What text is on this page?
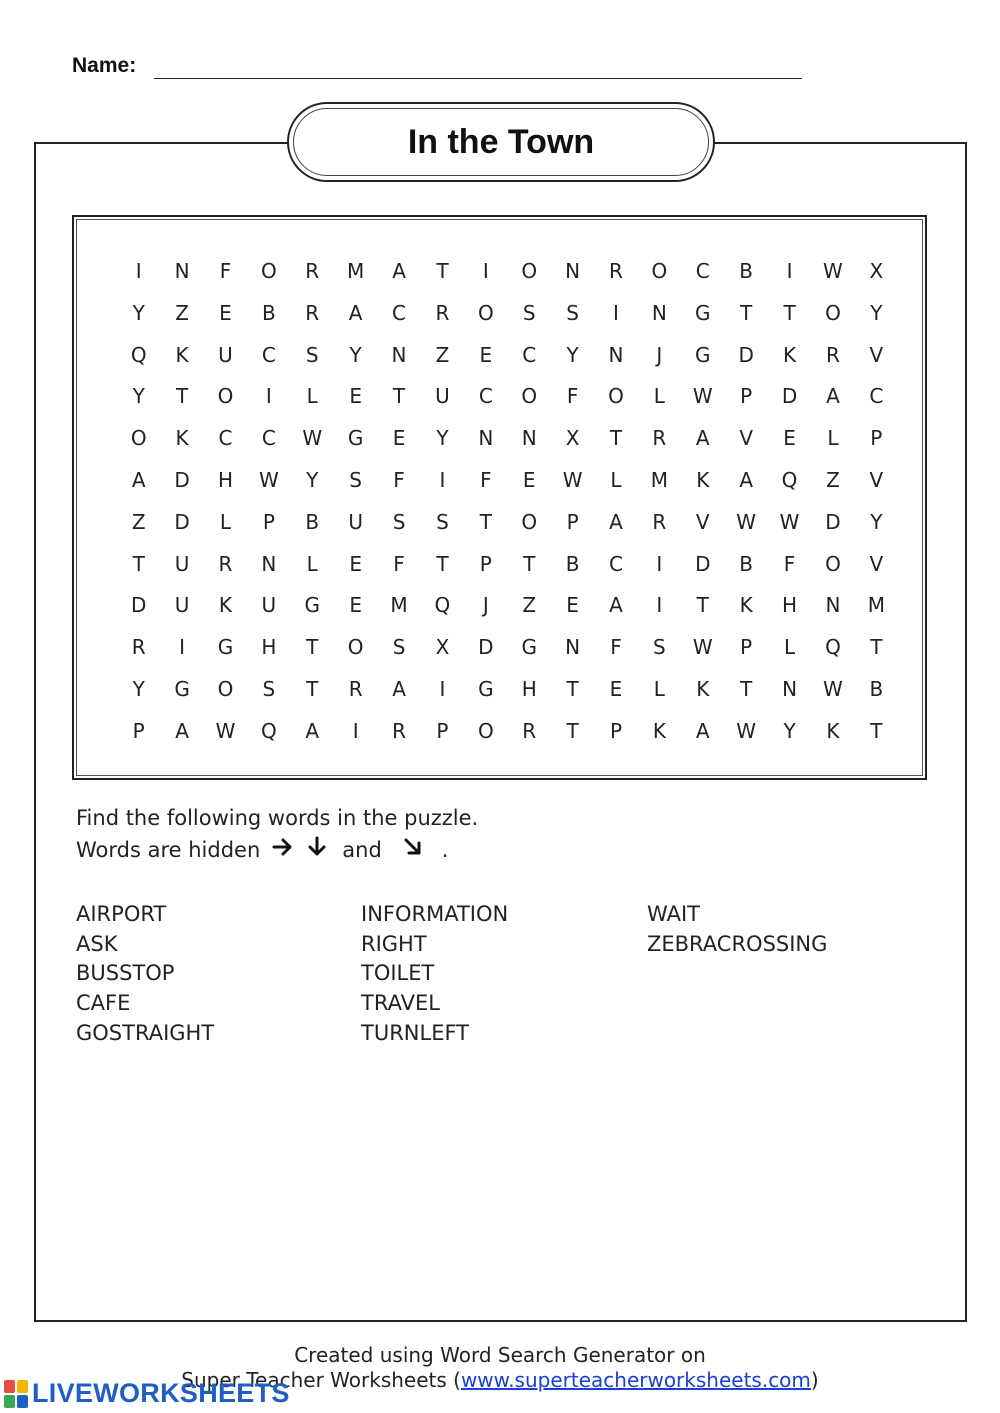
Name:
In the Town
I	N	F	O	R	M	A	T	I	O	N	R	O	C	B	I	W	X
Y	Z	E	B	R	A	C	R	O	S	S	I	N	G	T	T	O	Y
Q	K	U	C	S	Y	N	Z	E	C	Y	N	J	G	D	K	R	V
Y	T	O	I	L	E	T	U	C	O	F	O	L	W	P	D	A	C
O	K	C	C	W	G	E	Y	N	N	X	T	R	A	V	E	L	P
A	D	H	W	Y	S	F	I	F	E	W	L	M	K	A	Q	Z	V
Z	D	L	P	B	U	S	S	T	O	P	A	R	V	W	W	D	Y
T	U	R	N	L	E	F	T	P	T	B	C	I	D	B	F	O	V
D	U	K	U	G	E	M	Q	J	Z	E	A	I	T	K	H	N	M
R	I	G	H	T	O	S	X	D	G	N	F	S	W	P	L	Q	T
Y	G	O	S	T	R	A	I	G	H	T	E	L	K	T	N	W	B
P	A	W	Q	A	I	R	P	O	R	T	P	K	A	W	Y	K	T
Find the following words in the puzzle.
Words are hidden	and	.
AIRPORT
ASK
BUSSTOP
CAFE
GOSTRAIGHT
INFORMATION
RIGHT
TOILET
TRAVEL
TURNLEFT
WAIT
ZEBRACROSSING
Created using Word Search Generator on
Super Teacher Worksheets (www.superteacherworksheets.com)
LIVEWORKSHEETS
